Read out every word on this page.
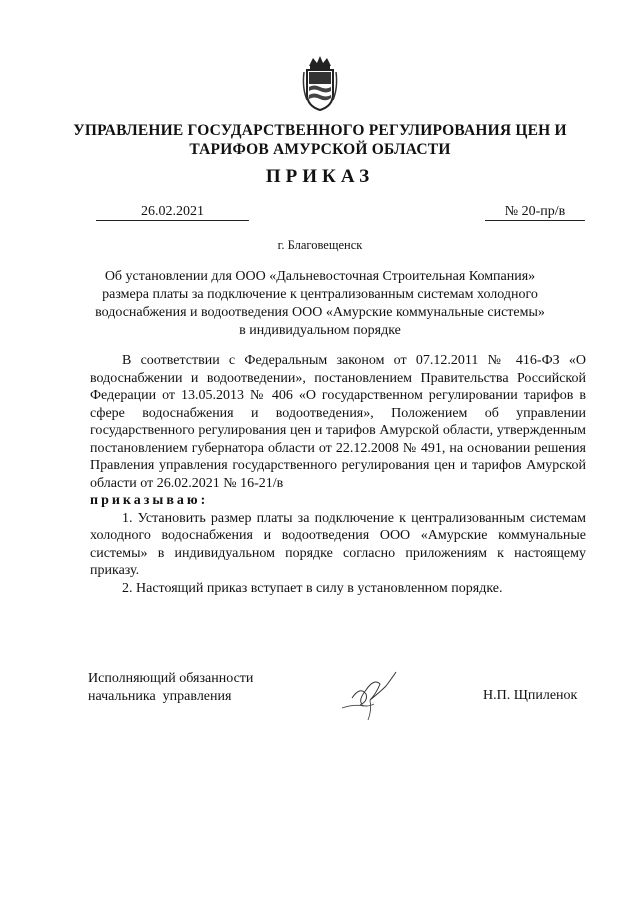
УПРАВЛЕНИЕ ГОСУДАРСТВЕННОГО РЕГУЛИРОВАНИЯ ЦЕН И
ТАРИФОВ АМУРСКОЙ ОБЛАСТИ
ПРИКАЗ
26.02.2021	№ 20-пр/в
г. Благовещенск
Об установлении для ООО «Дальневосточная Строительная Компания»
размера платы за подключение к централизованным системам холодного
водоснабжения и водоотведения ООО «Амурские коммунальные системы»
в индивидуальном порядке

В соответствии с Федеральным законом от 07.12.2011 № 416-ФЗ «О водоснабжении и водоотведении», постановлением Правительства Российской Федерации от 13.05.2013 № 406 «О государственном регулировании тарифов в сфере водоснабжения и водоотведения», Положением об управлении государственного регулирования цен и тарифов Амурской области, утвержденным постановлением губернатора области от 22.12.2008 № 491, на основании решения Правления управления государственного регулирования цен и тарифов Амурской области от 26.02.2021 № 16-21/в

приказываю:

1. Установить размер платы за подключение к централизованным системам холодного водоснабжения и водоотведения ООО «Амурские коммунальные системы» в индивидуальном порядке согласно приложениям к настоящему приказу.

2. Настоящий приказ вступает в силу в установленном порядке.

Исполняющий обязанности
начальника  управления	Н.П. Щпиленок
